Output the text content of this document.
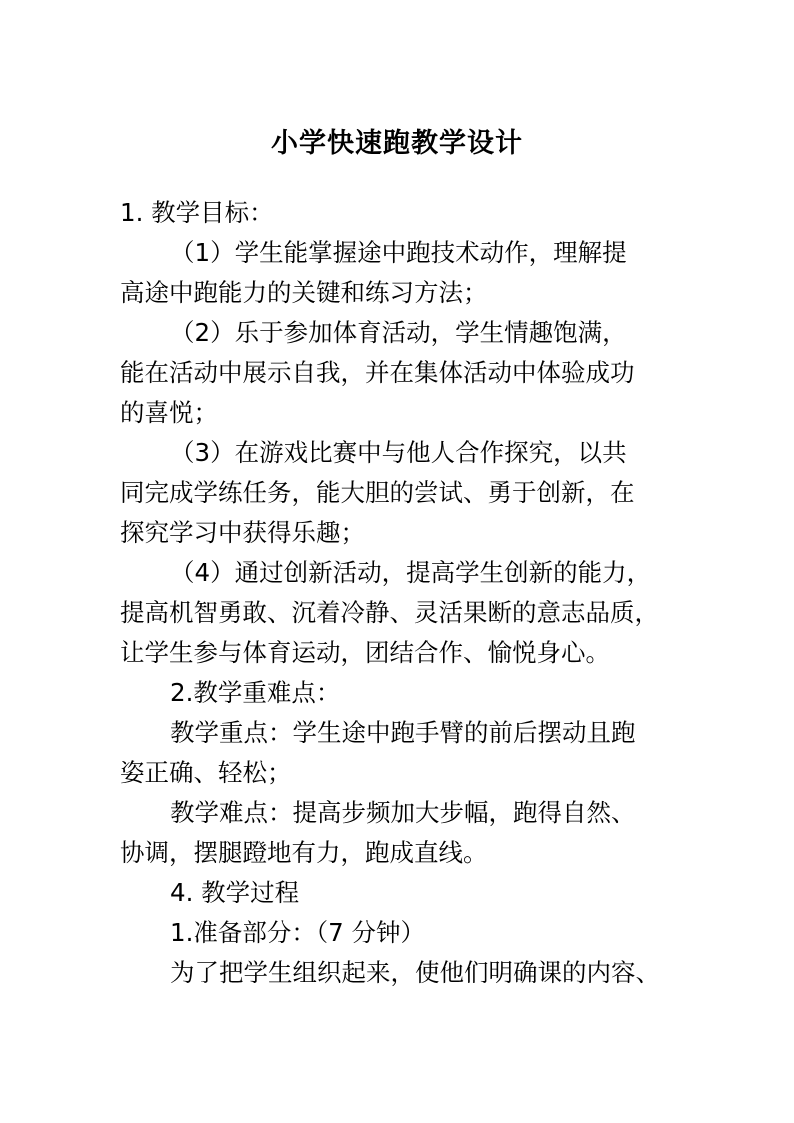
小学快速跑教学设计
1. 教学目标：
（1）学生能掌握途中跑技术动作，理解提
高途中跑能力的关键和练习方法；
（2）乐于参加体育活动，学生情趣饱满，
能在活动中展示自我，并在集体活动中体验成功
的喜悦；
（3）在游戏比赛中与他人合作探究，以共
同完成学练任务，能大胆的尝试、勇于创新，在
探究学习中获得乐趣；
（4）通过创新活动，提高学生创新的能力，
提高机智勇敢、沉着冷静、灵活果断的意志品质，
让学生参与体育运动，团结合作、愉悦身心。
2.教学重难点：
教学重点：学生途中跑手臂的前后摆动且跑
姿正确、轻松；
教学难点：提高步频加大步幅，跑得自然、
协调，摆腿蹬地有力，跑成直线。
4. 教学过程
1.准备部分：（7 分钟）
为了把学生组织起来，使他们明确课的内容、
